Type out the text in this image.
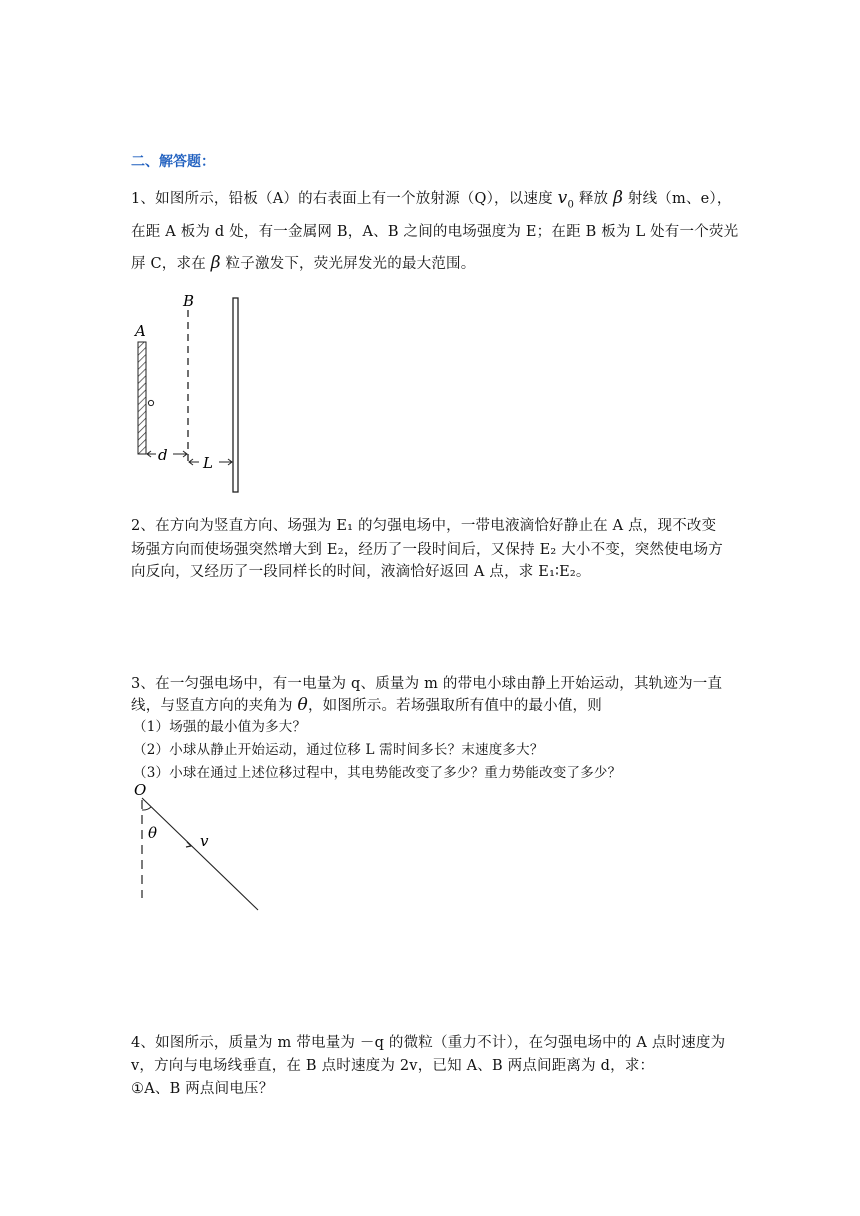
二、解答题：
1、如图所示，铅板（A）的右表面上有一个放射源（Q），以速度 $v_0$ 释放 β 射线（m、e），
在距 A 板为 d 处，有一金属网 B，A、B 之间的电场强度为 E；在距 B 板为 L 处有一个荧光
屏 C，求在 β 粒子激发下，荧光屏发光的最大范围。
A
B
d L
2、在方向为竖直方向、场强为 E₁ 的匀强电场中，一带电液滴恰好静止在 A 点，现不改变
场强方向而使场强突然增大到 E₂，经历了一段时间后，又保持 E₂ 大小不变，突然使电场方
向反向，又经历了一段同样长的时间，液滴恰好返回 A 点，求 E₁∶E₂。
3、在一匀强电场中，有一电量为 q、质量为 m 的带电小球由静上开始运动，其轨迹为一直
线，与竖直方向的夹角为 θ，如图所示。若场强取所有值中的最小值，则
（1）场强的最小值为多大？
（2）小球从静止开始运动，通过位移 L 需时间多长？末速度多大？
（3）小球在通过上述位移过程中，其电势能改变了多少？重力势能改变了多少？
O
θ	v
4、如图所示，质量为 m 带电量为 －q 的微粒（重力不计），在匀强电场中的 A 点时速度为
v，方向与电场线垂直，在 B 点时速度为 2v，已知 A、B 两点间距离为 d，求：
①A、B 两点间电压？
